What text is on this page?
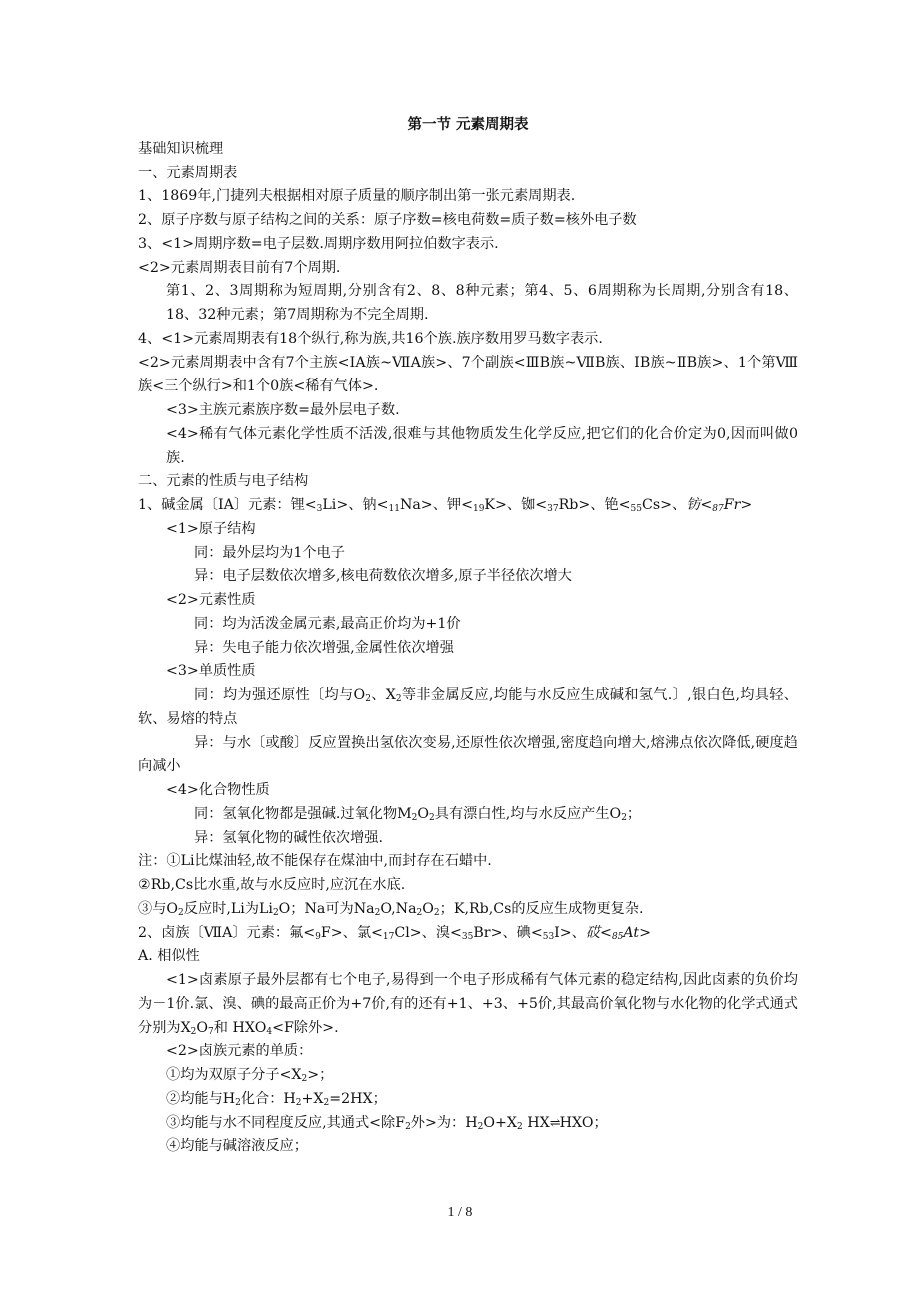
第一节 元素周期表
基础知识梳理
一、元素周期表
1、1869年,门捷列夫根据相对原子质量的顺序制出第一张元素周期表.
2、原子序数与原子结构之间的关系：原子序数=核电荷数=质子数=核外电子数
3、<1>周期序数=电子层数.周期序数用阿拉伯数字表示.
<2>元素周期表目前有7个周期.
第1、2、3周期称为短周期,分别含有2、8、8种元素；第4、5、6周期称为长周期,分别含有18、18、32种元素；第7周期称为不完全周期.
4、<1>元素周期表有18个纵行,称为族,共16个族.族序数用罗马数字表示.
<2>元素周期表中含有7个主族<ⅠA族~ⅦA族>、7个副族<ⅢB族~ⅦB族、ⅠB族~ⅡB族>、1个第Ⅷ族<三个纵行>和1个0族<稀有气体>.
<3>主族元素族序数=最外层电子数.
<4>稀有气体元素化学性质不活泼,很难与其他物质发生化学反应,把它们的化合价定为0,因而叫做0族.
二、元素的性质与电子结构
1、碱金属〔ⅠA〕元素：锂$<_3Li>$、钠$<_{11}Na>$、钾$<_{19}K>$、铷$<_{37}Rb>$、铯$<_{55}Cs>$、钫$<_{87}Fr>$
<1>原子结构
同：最外层均为1个电子
异：电子层数依次增多,核电荷数依次增多,原子半径依次增大
<2>元素性质
同：均为活泼金属元素,最高正价均为+1价
异：失电子能力依次增强,金属性依次增强
<3>单质性质
同：均为强还原性〔均与$O_2$、$X_2$等非金属反应,均能与水反应生成碱和氢气.〕,银白色,均具轻、软、易熔的特点
异：与水〔或酸〕反应置换出氢依次变易,还原性依次增强,密度趋向增大,熔沸点依次降低,硬度趋向减小
<4>化合物性质
同：氢氧化物都是强碱.过氧化物$M_2O_2$具有漂白性,均与水反应产生$O_2$；
异：氢氧化物的碱性依次增强.
注：①Li比煤油轻,故不能保存在煤油中,而封存在石蜡中.
②Rb,Cs比水重,故与水反应时,应沉在水底.
③与$O_2$反应时,Li为$Li_2O$；Na可为$Na_2O,Na_2O_2$；K,Rb,Cs的反应生成物更复杂.
2、卤族〔ⅦA〕元素：氟$<_9F>$、氯$<_{17}Cl>$、溴$<_{35}Br>$、碘$<_{53}I>$、砹$<_{85}At>$
A. 相似性
<1>卤素原子最外层都有七个电子,易得到一个电子形成稀有气体元素的稳定结构,因此卤素的负价均为－1价.氯、溴、碘的最高正价为+7价,有的还有+1、+3、+5价,其最高价氧化物与水化物的化学式通式分别为$X_2O_7$和 $HXO_4<F$除外>.
<2>卤族元素的单质：
①均为双原子分子$<X_2>$；
②均能与$H_2$化合：$H_2+X_2=2HX$；
③均能与水不同程度反应,其通式<除$F_2$外>为：$H_2O+X_2$ HX⇌HXO；
④均能与碱溶液反应；
1 / 8
